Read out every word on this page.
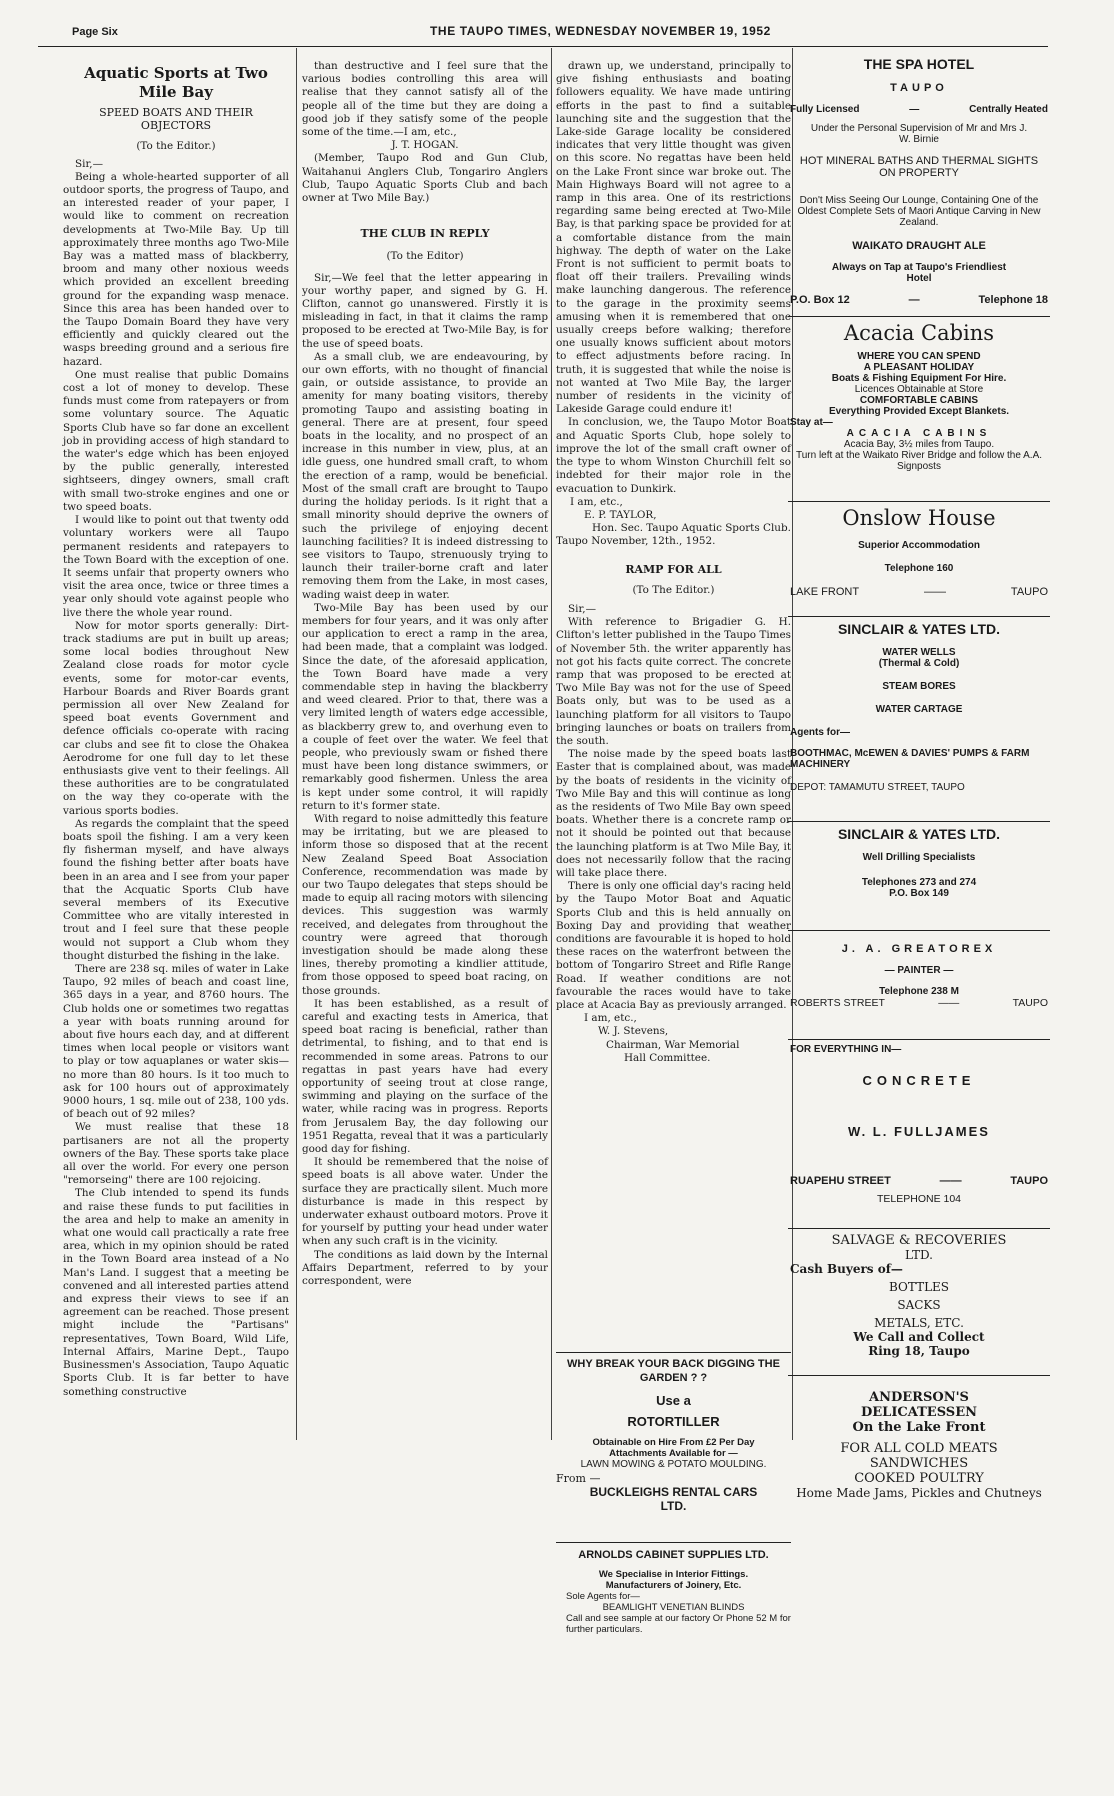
Page Six	THE TAUPO TIMES, WEDNESDAY NOVEMBER 19, 1952
Aquatic Sports at Two Mile Bay
SPEED BOATS AND THEIR OBJECTORS
(To the Editor.)

Sir,—

Being a whole-hearted supporter of all outdoor sports, the progress of Taupo, and an interested reader of your paper, I would like to comment on recreation developments at Two-Mile Bay. Up till approximately three months ago Two-Mile Bay was a matted mass of blackberry, broom and many other noxious weeds which provided an excellent breeding ground for the expanding wasp menace. Since this area has been handed over to the Taupo Domain Board they have very efficiently and quickly cleared out the wasps breeding ground and a serious fire hazard.

One must realise that public Domains cost a lot of money to develop. These funds must come from ratepayers or from some voluntary source. The Aquatic Sports Club have so far done an excellent job in providing access of high standard to the water's edge which has been enjoyed by the public generally, interested sightseers, dingey owners, small craft with small two-stroke engines and one or two speed boats.

I would like to point out that twenty odd voluntary workers were all Taupo permanent residents and ratepayers to the Town Board with the exception of one. It seems unfair that property owners who visit the area once, twice or three times a year only should vote against people who live there the whole year round.

Now for motor sports generally: Dirt-track stadiums are put in built up areas; some local bodies throughout New Zealand close roads for motor cycle events, some for motor-car events, Harbour Boards and River Boards grant permission all over New Zealand for speed boat events Government and defence officials co-operate with racing car clubs and see fit to close the Ohakea Aerodrome for one full day to let these enthusiasts give vent to their feelings. All these authorities are to be congratulated on the way they co-operate with the various sports bodies.

As regards the complaint that the speed boats spoil the fishing. I am a very keen fly fisherman myself, and have always found the fishing better after boats have been in an area and I see from your paper that the Acquatic Sports Club have several members of its Executive Committee who are vitally interested in trout and I feel sure that these people would not support a Club whom they thought disturbed the fishing in the lake.

There are 238 sq. miles of water in Lake Taupo, 92 miles of beach and coast line, 365 days in a year, and 8760 hours. The Club holds one or sometimes two regattas a year with boats running around for about five hours each day, and at different times when local people or visitors want to play or tow aquaplanes or water skis—no more than 80 hours. Is it too much to ask for 100 hours out of approximately 9000 hours, 1 sq. mile out of 238, 100 yds. of beach out of 92 miles?

We must realise that these 18 partisaners are not all the property owners of the Bay. These sports take place all over the world. For every one person "remorseing" there are 100 rejoicing.

The Club intended to spend its funds and raise these funds to put facilities in the area and help to make an amenity in what one would call practically a rate free area, which in my opinion should be rated in the Town Board area instead of a No Man's Land. I suggest that a meeting be convened and all interested parties attend and express their views to see if an agreement can be reached. Those present might include the "Partisans" representatives, Town Board, Wild Life, Internal Affairs, Marine Dept., Taupo Businessmen's Association, Taupo Aquatic Sports Club. It is far better to have something constructive

than destructive and I feel sure that the various bodies controlling this area will realise that they cannot satisfy all of the people all of the time but they are doing a good job if they satisfy some of the people some of the time.—I am, etc.,

J. T. HOGAN.

(Member, Taupo Rod and Gun Club, Waitahanui Anglers Club, Tongariro Anglers Club, Taupo Aquatic Sports Club and bach owner at Two Mile Bay.)

THE CLUB IN REPLY
(To the Editor)

Sir,—We feel that the letter appearing in your worthy paper, and signed by G. H. Clifton, cannot go unanswered. Firstly it is misleading in fact, in that it claims the ramp proposed to be erected at Two-Mile Bay, is for the use of speed boats.

As a small club, we are endeavouring, by our own efforts, with no thought of financial gain, or outside assistance, to provide an amenity for many boating visitors, thereby promoting Taupo and assisting boating in general. There are at present, four speed boats in the locality, and no prospect of an increase in this number in view, plus, at an idle guess, one hundred small craft, to whom the erection of a ramp, would be beneficial. Most of the small craft are brought to Taupo during the holiday periods. Is it right that a small minority should deprive the owners of such the privilege of enjoying decent launching facilities? It is indeed distressing to see visitors to Taupo, strenuously trying to launch their trailer-borne craft and later removing them from the Lake, in most cases, wading waist deep in water.

Two-Mile Bay has been used by our members for four years, and it was only after our application to erect a ramp in the area, had been made, that a complaint was lodged. Since the date, of the aforesaid application, the Town Board have made a very commendable step in having the blackberry and weed cleared. Prior to that, there was a very limited length of waters edge accessible, as blackberry grew to, and overhung even to a couple of feet over the water. We feel that people, who previously swam or fished there must have been long distance swimmers, or remarkably good fishermen. Unless the area is kept under some control, it will rapidly return to it's former state.

With regard to noise admittedly this feature may be irritating, but we are pleased to inform those so disposed that at the recent New Zealand Speed Boat Association Conference, recommendation was made by our two Taupo delegates that steps should be made to equip all racing motors with silencing devices. This suggestion was warmly received, and delegates from throughout the country were agreed that thorough investigation should be made along these lines, thereby promoting a kindlier attitude, from those opposed to speed boat racing, on those grounds.

It has been established, as a result of careful and exacting tests in America, that speed boat racing is beneficial, rather than detrimental, to fishing, and to that end is recommended in some areas. Patrons to our regattas in past years have had every opportunity of seeing trout at close range, swimming and playing on the surface of the water, while racing was in progress. Reports from Jerusalem Bay, the day following our 1951 Regatta, reveal that it was a particularly good day for fishing.

It should be remembered that the noise of speed boats is all above water. Under the surface they are practically silent. Much more disturbance is made in this respect by underwater exhaust outboard motors. Prove it for yourself by putting your head under water when any such craft is in the vicinity.

The conditions as laid down by the Internal Affairs Department, referred to by your correspondent, were

drawn up, we understand, principally to give fishing enthusiasts and boating followers equality. We have made untiring efforts in the past to find a suitable launching site and the suggestion that the Lake-side Garage locality be considered indicates that very little thought was given on this score. No regattas have been held on the Lake Front since war broke out. The Main Highways Board will not agree to a ramp in this area. One of its restrictions regarding same being erected at Two-Mile Bay, is that parking space be provided for at a comfortable distance from the main highway. The depth of water on the Lake Front is not sufficient to permit boats to float off their trailers. Prevailing winds make launching dangerous. The reference to the garage in the proximity seems amusing when it is remembered that one usually creeps before walking; therefore one usually knows sufficient about motors to effect adjustments before racing. In truth, it is suggested that while the noise is not wanted at Two Mile Bay, the larger number of residents in the vicinity of Lakeside Garage could endure it!

In conclusion, we, the Taupo Motor Boat and Aquatic Sports Club, hope solely to improve the lot of the small craft owner of the type to whom Winston Churchill felt so indebted for their major role in the evacuation to Dunkirk.

I am, etc.,
E. P. TAYLOR,
Hon. Sec. Taupo Aquatic Sports Club.
Taupo November, 12th., 1952.
RAMP FOR ALL
(To The Editor.)

Sir,—

With reference to Brigadier G. H. Clifton's letter published in the Taupo Times of November 5th. the writer apparently has not got his facts quite correct. The concrete ramp that was proposed to be erected at Two Mile Bay was not for the use of Speed Boats only, but was to be used as a launching platform for all visitors to Taupo bringing launches or boats on trailers from the south.

The noise made by the speed boats last Easter that is complained about, was made by the boats of residents in the vicinity of Two Mile Bay and this will continue as long as the residents of Two Mile Bay own speed boats. Whether there is a concrete ramp or not it should be pointed out that because the launching platform is at Two Mile Bay, it does not necessarily follow that the racing will take place there.

There is only one official day's racing held by the Taupo Motor Boat and Aquatic Sports Club and this is held annually on Boxing Day and providing that weather conditions are favourable it is hoped to hold these races on the waterfront between the bottom of Tongariro Street and Rifle Range Road. If weather conditions are not favourable the races would have to take place at Acacia Bay as previously arranged.

I am, etc.,
W. J. Stevens,
Chairman, War Memorial
Hall Committee.
WHY BREAK YOUR BACK DIGGING THE GARDEN ? ?
Use a
ROTORTILLER
Obtainable on Hire From £2 Per Day
Attachments Available for —
LAWN MOWING & POTATO MOULDING.
From —
BUCKLEIGHS RENTAL CARS LTD.
ARNOLDS CABINET SUPPLIES LTD.
We Specialise in Interior Fittings.
Manufacturers of Joinery, Etc.
Sole Agents for—
BEAMLIGHT VENETIAN BLINDS
Call and see sample at our factory Or Phone 52 M for further particulars.
THE SPA HOTEL
TAUPO
Fully Licensed	—	Centrally Heated
Under the Personal Supervision of Mr and Mrs J. W. Birnie
HOT MINERAL BATHS AND THERMAL SIGHTS ON PROPERTY
Don't Miss Seeing Our Lounge, Containing One of the Oldest Complete Sets of Maori Antique Carving in New Zealand.
WAIKATO DRAUGHT ALE
Always on Tap at Taupo's Friendliest Hotel
P.O. Box 12	—	Telephone 18
Acacia Cabins
WHERE YOU CAN SPEND
A PLEASANT HOLIDAY
Boats & Fishing Equipment For Hire.
Licences Obtainable at Store
COMFORTABLE CABINS
Everything Provided Except Blankets.
Stay at—
ACACIA CABINS
Acacia Bay, 3½ miles from Taupo.
Turn left at the Waikato River Bridge and follow the A.A. Signposts
Onslow House
Superior Accommodation
Telephone 160
LAKE FRONT	——	TAUPO
SINCLAIR & YATES LTD.
WATER WELLS
(Thermal & Cold)
STEAM BORES
WATER CARTAGE
Agents for—
BOOTHMAC, McEWEN & DAVIES' PUMPS & FARM MACHINERY
DEPOT: TAMAMUTU STREET, TAUPO
SINCLAIR & YATES LTD.
Well Drilling Specialists
Telephones 273 and 274
P.O. Box 149
J. A. GREATOREX
— PAINTER —
Telephone 238 M
ROBERTS STREET	——	TAUPO
FOR EVERYTHING IN—
CONCRETE
W. L. FULLJAMES
RUAPEHU STREET	——	TAUPO
TELEPHONE 104
SALVAGE & RECOVERIES
LTD.
Cash Buyers of—
BOTTLES
SACKS
METALS, ETC.
We Call and Collect
Ring 18, Taupo
ANDERSON'S
DELICATESSEN
On the Lake Front
FOR ALL COLD MEATS
SANDWICHES
COOKED POULTRY
Home Made Jams, Pickles and Chutneys
